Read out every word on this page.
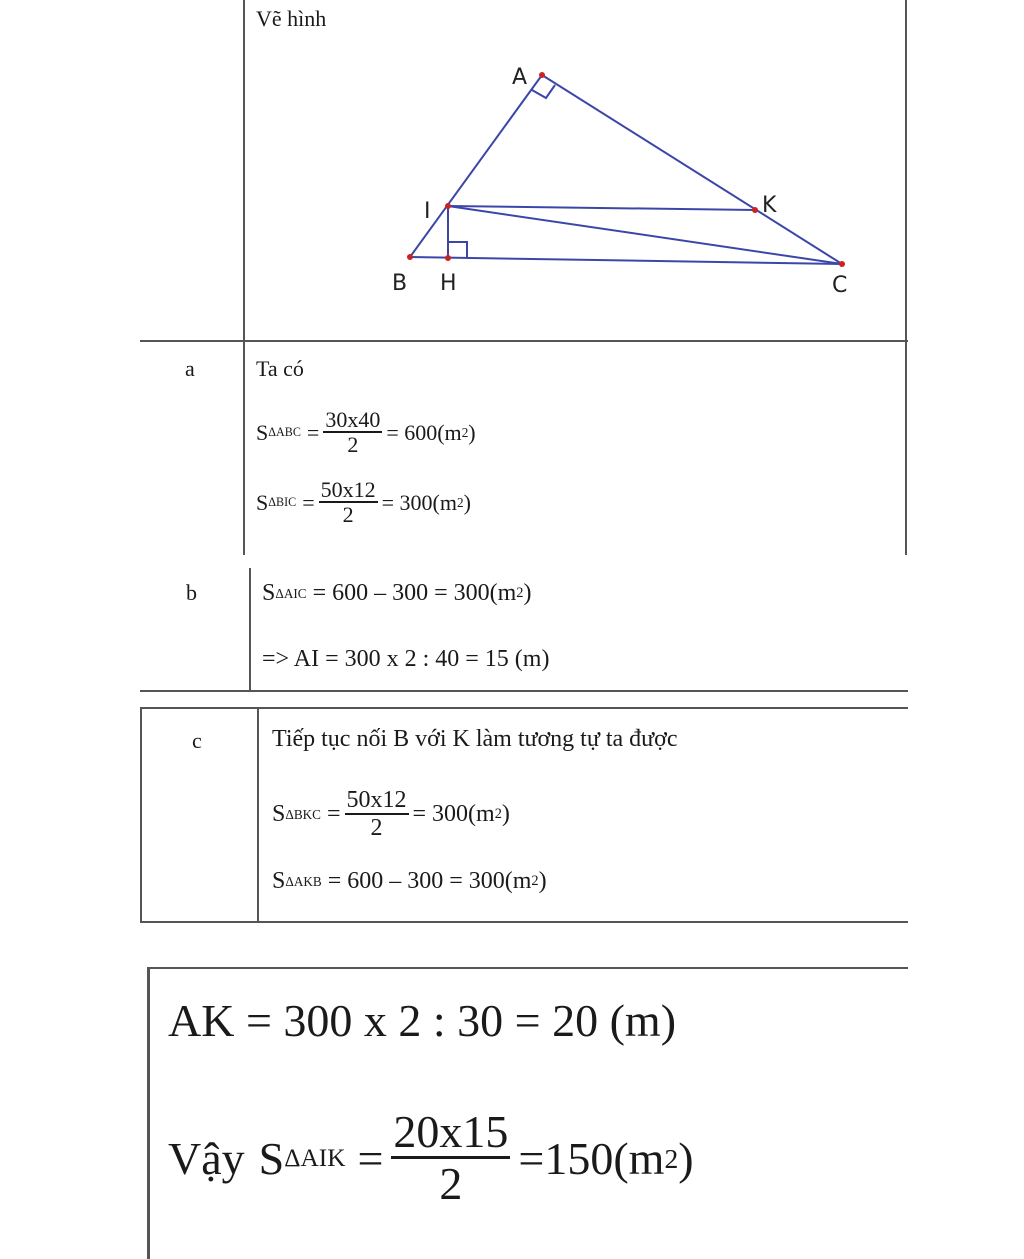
Vẽ hình
A
I	K
B H	C
a	Ta có
S $\Delta ABC = \frac{30x40}{2} = 600(m$ 2 )
S $\Delta BIC = \frac{50x12}{2} = 300(m$ 2 )
b	S ΔAIC = 600 – 300 = 300(m 2 )
=> AI = 300 x 2 : 40 = 15 (m)
c	Tiếp tục nối B với K làm tương tự ta được
S $\Delta BKC = \frac{50x12}{2} = 300(m$ 2 )
S ΔAKB = 600 – 300 = 300(m 2 )
AK = 300 x 2 : 30 = 20 (m)
Vậy S $\Delta AIK = \frac{20x15}{2} =150(m$ 2 )
